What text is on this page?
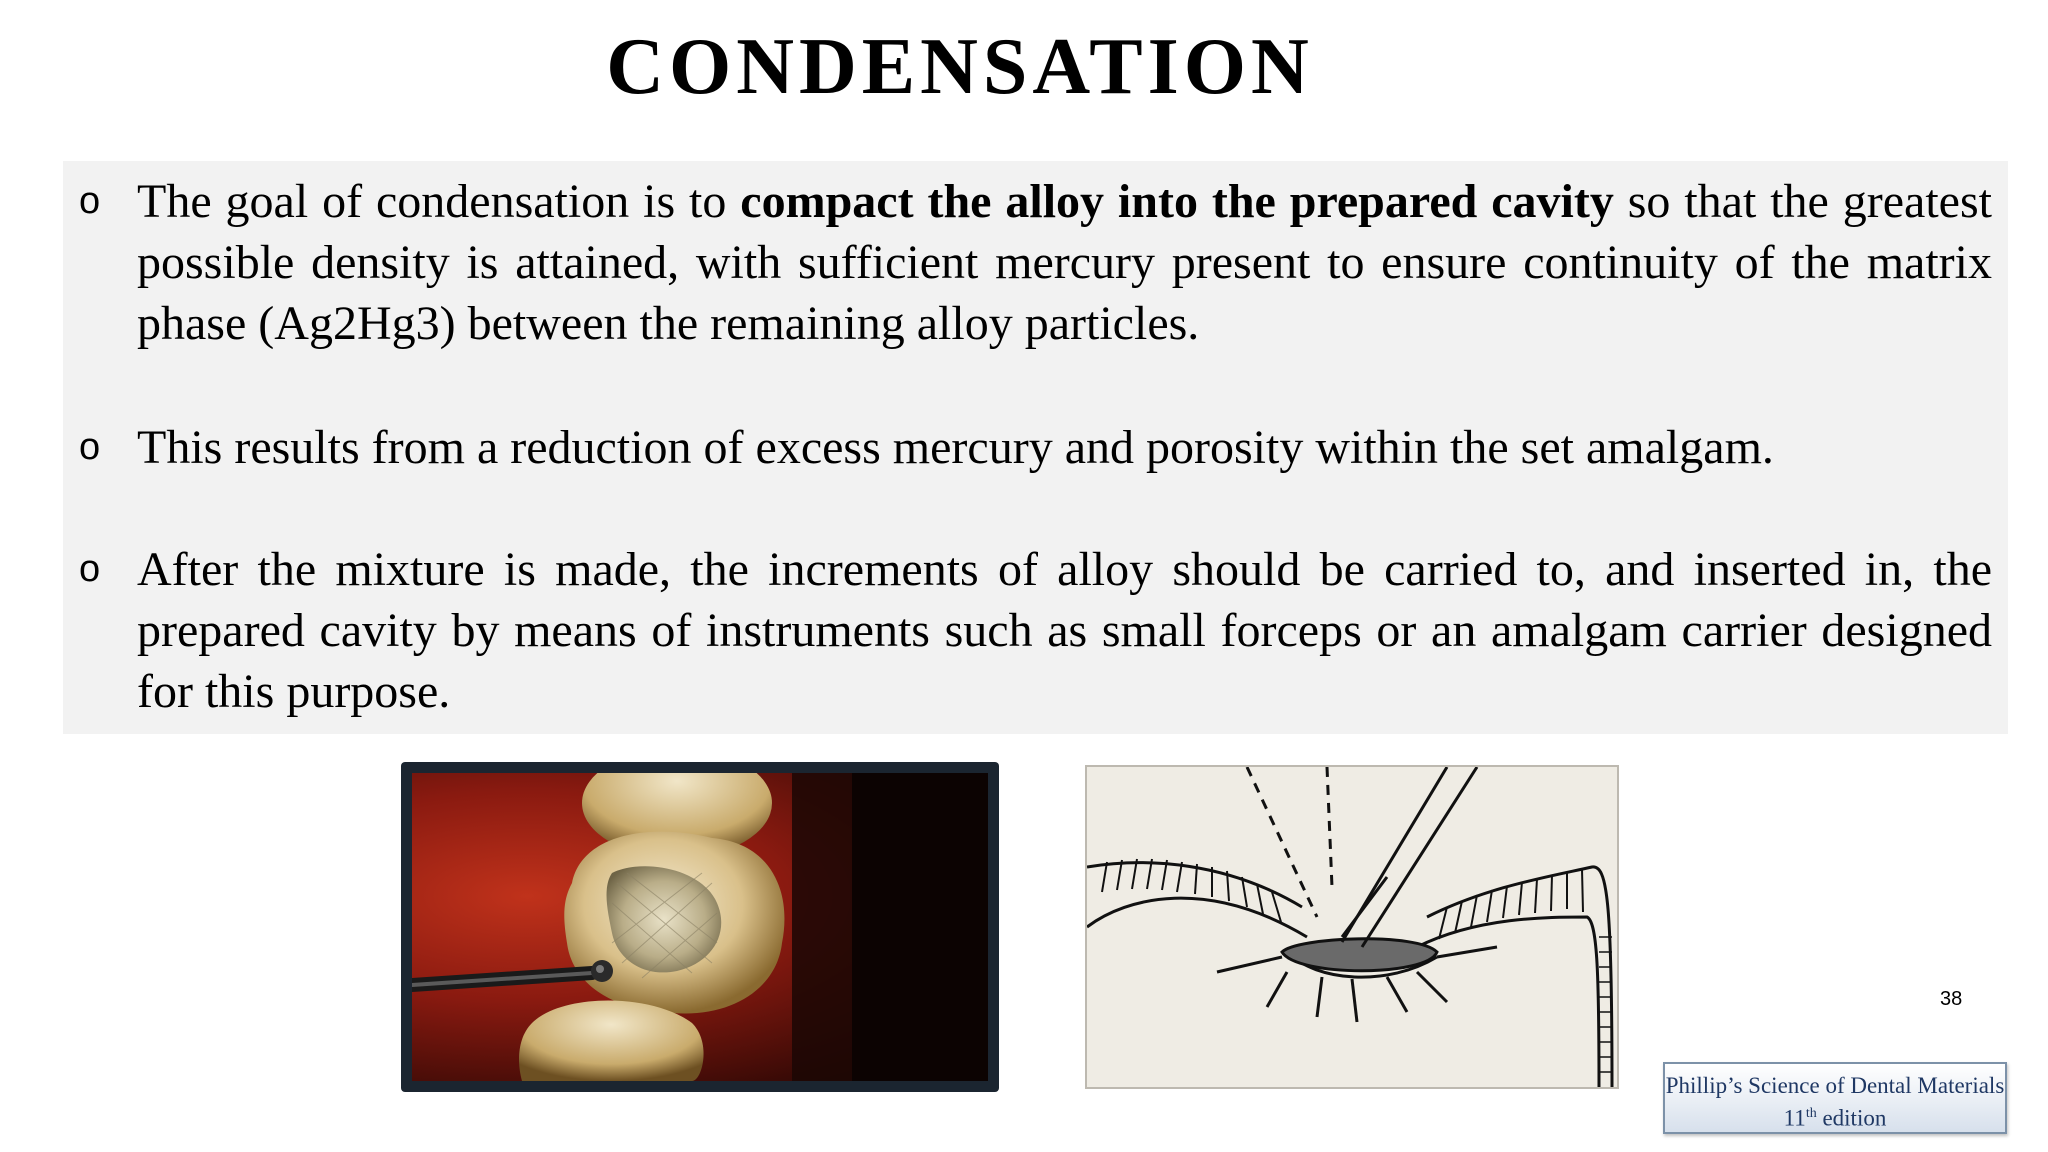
CONDENSATION
o The goal of condensation is to compact the alloy into the prepared cavity so that the greatest possible density is attained, with sufficient mercury present to ensure continuity of the matrix phase (Ag2Hg3) between the remaining alloy particles.
o This results from a reduction of excess mercury and porosity within the set amalgam.
o After the mixture is made, the increments of alloy should be carried to, and inserted in, the prepared cavity by means of instruments such as small forceps or an amalgam carrier designed for this purpose.
38
Phillip’s Science of Dental Materials
11th edition
